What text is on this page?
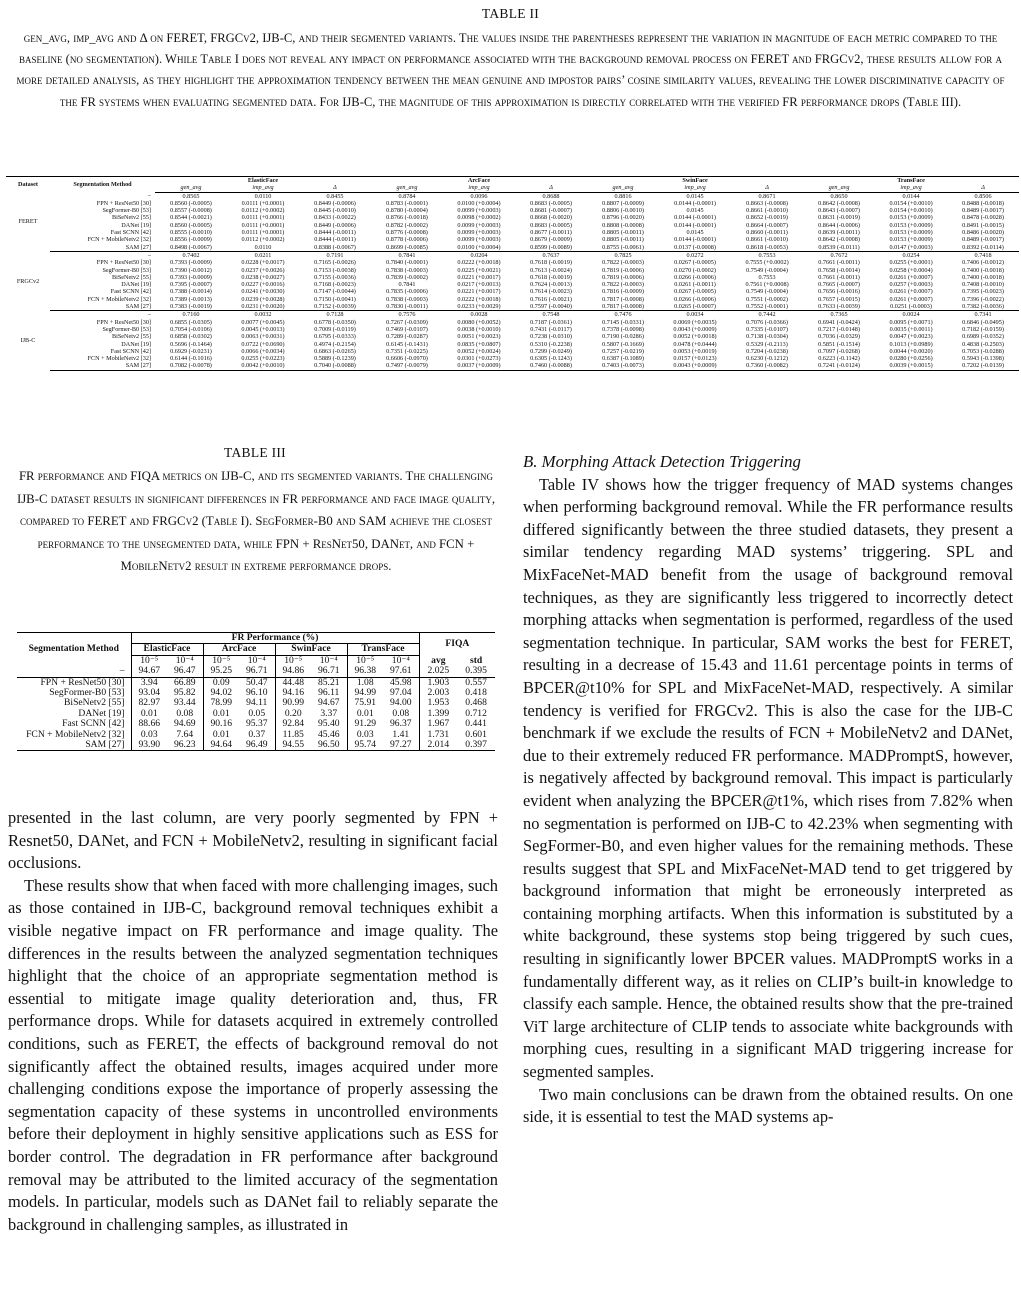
TABLE II
gen_avg, imp_avg and Δ on FERET, FRGCv2, IJB-C, and their segmented variants. The values inside the parentheses represent the variation in magnitude of each metric compared to the baseline (no segmentation). While Table I does not reveal any impact on performance associated with the background removal process on FERET and FRGCv2, these results allow for a more detailed analysis, as they highlight the approximation tendency between the mean genuine and impostor pairs’ cosine similarity values, revealing the lower discriminative capacity of the FR systems when evaluating segmented data. For IJB-C, the magnitude of this approximation is directly correlated with the verified FR performance drops (Table III).
Dataset	Segmentation Method	ElasticFace			ArcFace			SwinFace			TransFace		
		gen_avg	imp_avg	Δ	gen_avg	imp_avg	Δ	gen_avg	imp_avg	Δ	gen_avg	imp_avg	Δ
FERET	–	0.8565	0.0110	0.8455	0.8784	0.0096	0.8688	0.8816	0.0145	0.8671	0.8650	0.0144	0.8506
	FPN + ResNet50 [30]	0.8560 (-0.0005)	0.0111 (+0.0001)	0.8449 (-0.0006)	0.8783 (-0.0001)	0.0100 (+0.0004)	0.8683 (-0.0005)	0.8807 (-0.0009)	0.0144 (-0.0001)	0.8663 (-0.0008)	0.8642 (-0.0008)	0.0154 (+0.0010)	0.8488 (-0.0018)
	SegFormer-B0 [53]	0.8557 (-0.0008)	0.0112 (+0.0002)	0.8445 (-0.0010)	0.8780 (-0.0004)	0.0099 (+0.0003)	0.8681 (-0.0007)	0.8806 (-0.0010)	0.0145	0.8661 (-0.0010)	0.8643 (-0.0007)	0.0154 (+0.0010)	0.8489 (-0.0017)
	BiSeNetv2 [55]	0.8544 (-0.0021)	0.0111 (+0.0001)	0.8433 (-0.0022)	0.8766 (-0.0018)	0.0098 (+0.0002)	0.8668 (-0.0020)	0.8796 (-0.0020)	0.0144 (-0.0001)	0.8652 (-0.0019)	0.8631 (-0.0019)	0.0153 (+0.0009)	0.8478 (-0.0028)
	DANet [19]	0.8560 (-0.0005)	0.0111 (+0.0001)	0.8449 (-0.0006)	0.8782 (-0.0002)	0.0099 (+0.0003)	0.8683 (-0.0005)	0.8808 (-0.0008)	0.0144 (-0.0001)	0.8664 (-0.0007)	0.8644 (-0.0006)	0.0153 (+0.0009)	0.8491 (-0.0015)
	Fast SCNN [42]	0.8555 (-0.0010)	0.0111 (+0.0001)	0.8444 (-0.0011)	0.8776 (-0.0008)	0.0099 (+0.0003)	0.8677 (-0.0011)	0.8805 (-0.0011)	0.0145	0.8660 (-0.0011)	0.8639 (-0.0011)	0.0153 (+0.0009)	0.8486 (-0.0020)
	FCN + MobileNetv2 [32]	0.8556 (-0.0009)	0.0112 (+0.0002)	0.8444 (-0.0011)	0.8778 (-0.0006)	0.0099 (+0.0003)	0.8679 (-0.0009)	0.8805 (-0.0011)	0.0144 (-0.0001)	0.8661 (-0.0010)	0.8642 (-0.0008)	0.0153 (+0.0009)	0.8489 (-0.0017)
	SAM [27]	0.8498 (-0.0067)	0.0110	0.8388 (-0.0067)	0.8699 (-0.0085)	0.0100 (+0.0004)	0.8599 (-0.0089)	0.8755 (-0.0061)	0.0137 (-0.0008)	0.8618 (-0.0053)	0.8539 (-0.0111)	0.0147 (+0.0003)	0.8392 (-0.0114)
FRGCv2	–	0.7402	0.0211	0.7191	0.7841	0.0204	0.7637	0.7825	0.0272	0.7553	0.7672	0.0254	0.7418
	FPN + ResNet50 [30]	0.7393 (-0.0009)	0.0228 (+0.0017)	0.7165 (-0.0026)	0.7840 (-0.0001)	0.0222 (+0.0018)	0.7618 (-0.0019)	0.7822 (-0.0003)	0.0267 (-0.0005)	0.7555 (+0.0002)	0.7661 (-0.0011)	0.0255 (+0.0001)	0.7406 (-0.0012)
	SegFormer-B0 [53]	0.7390 (-0.0012)	0.0237 (+0.0026)	0.7153 (-0.0038)	0.7838 (-0.0003)	0.0225 (+0.0021)	0.7613 (-0.0024)	0.7819 (-0.0006)	0.0270 (-0.0002)	0.7549 (-0.0004)	0.7658 (-0.0014)	0.0258 (+0.0004)	0.7400 (-0.0018)
	BiSeNetv2 [55]	0.7393 (-0.0009)	0.0238 (+0.0027)	0.7155 (-0.0036)	0.7839 (-0.0002)	0.0221 (+0.0017)	0.7618 (-0.0019)	0.7819 (-0.0006)	0.0266 (-0.0006)	0.7553	0.7661 (-0.0011)	0.0261 (+0.0007)	0.7400 (-0.0018)
	DANet [19]	0.7395 (-0.0007)	0.0227 (+0.0016)	0.7168 (-0.0023)	0.7841	0.0217 (+0.0013)	0.7624 (-0.0013)	0.7822 (-0.0003)	0.0261 (-0.0011)	0.7561 (+0.0008)	0.7665 (-0.0007)	0.0257 (+0.0003)	0.7408 (-0.0010)
	Fast SCNN [42]	0.7388 (-0.0014)	0.0241 (+0.0030)	0.7147 (-0.0044)	0.7835 (-0.0006)	0.0221 (+0.0017)	0.7614 (-0.0023)	0.7816 (-0.0009)	0.0267 (-0.0005)	0.7549 (-0.0004)	0.7656 (-0.0016)	0.0261 (+0.0007)	0.7395 (-0.0023)
	FCN + MobileNetv2 [32]	0.7389 (-0.0013)	0.0239 (+0.0028)	0.7150 (-0.0041)	0.7838 (-0.0003)	0.0222 (+0.0018)	0.7616 (-0.0021)	0.7817 (-0.0008)	0.0266 (-0.0006)	0.7551 (-0.0002)	0.7657 (-0.0015)	0.0261 (+0.0007)	0.7396 (-0.0022)
	SAM [27]	0.7383 (-0.0019)	0.0231 (+0.0020)	0.7152 (-0.0039)	0.7830 (-0.0011)	0.0233 (+0.0029)	0.7597 (-0.0040)	0.7817 (-0.0008)	0.0265 (-0.0007)	0.7552 (-0.0001)	0.7633 (-0.0039)	0.0251 (-0.0003)	0.7382 (-0.0036)
IJB-C	–	0.7160	0.0032	0.7128	0.7576	0.0028	0.7548	0.7476	0.0034	0.7442	0.7365	0.0024	0.7341
	FPN + ResNet50 [30]	0.6855 (-0.0305)	0.0077 (+0.0045)	0.6778 (-0.0350)	0.7267 (-0.0309)	0.0080 (+0.0052)	0.7187 (-0.0361)	0.7145 (-0.0331)	0.0069 (+0.0035)	0.7076 (-0.0366)	0.6941 (-0.0424)	0.0095 (+0.0071)	0.6846 (-0.0495)
	SegFormer-B0 [53]	0.7054 (-0.0106)	0.0045 (+0.0013)	0.7009 (-0.0119)	0.7469 (-0.0107)	0.0038 (+0.0010)	0.7431 (-0.0117)	0.7378 (-0.0098)	0.0043 (+0.0009)	0.7335 (-0.0107)	0.7217 (-0.0148)	0.0035 (+0.0011)	0.7182 (-0.0159)
	BiSeNetv2 [55]	0.6858 (-0.0302)	0.0063 (+0.0031)	0.6795 (-0.0333)	0.7289 (-0.0287)	0.0051 (+0.0023)	0.7238 (-0.0310)	0.7190 (-0.0286)	0.0052 (+0.0018)	0.7138 (-0.0304)	0.7036 (-0.0329)	0.0047 (+0.0023)	0.6989 (-0.0352)
	DANet [19]	0.5696 (-0.1464)	0.0722 (+0.0690)	0.4974 (-0.2154)	0.6145 (-0.1431)	0.0835 (+0.0807)	0.5310 (-0.2238)	0.5807 (-0.1669)	0.0478 (+0.0444)	0.5329 (-0.2113)	0.5851 (-0.1514)	0.1013 (+0.0989)	0.4838 (-0.2503)
	Fast SCNN [42]	0.6929 (-0.0231)	0.0066 (+0.0034)	0.6863 (-0.0265)	0.7351 (-0.0225)	0.0052 (+0.0024)	0.7299 (-0.0249)	0.7257 (-0.0219)	0.0053 (+0.0019)	0.7204 (-0.0238)	0.7097 (-0.0268)	0.0044 (+0.0020)	0.7053 (-0.0288)
	FCN + MobileNetv2 [32]	0.6144 (-0.1016)	0.0255 (+0.0223)	0.5889 (-0.1239)	0.6606 (-0.0970)	0.0301 (+0.0273)	0.6305 (-0.1243)	0.6387 (-0.1089)	0.0157 (+0.0123)	0.6230 (-0.1212)	0.6223 (-0.1142)	0.0280 (+0.0256)	0.5943 (-0.1398)
	SAM [27]	0.7082 (-0.0078)	0.0042 (+0.0010)	0.7040 (-0.0088)	0.7497 (-0.0079)	0.0037 (+0.0009)	0.7460 (-0.0088)	0.7403 (-0.0073)	0.0043 (+0.0009)	0.7360 (-0.0082)	0.7241 (-0.0124)	0.0039 (+0.0015)	0.7202 (-0.0139)
TABLE III
FR performance and FIQA metrics on IJB-C, and its segmented variants. The challenging IJB-C dataset results in significant differences in FR performance and face image quality, compared to FERET and FRGCv2 (Table I). SegFormer-B0 and SAM achieve the closest performance to the unsegmented data, while FPN + ResNet50, DANet, and FCN + MobileNetv2 result in extreme performance drops.
Segmentation Method	FR Performance (%)								FIQA	
	ElasticFace		ArcFace		SwinFace		TransFace			
	10⁻⁵	10⁻⁴	10⁻⁵	10⁻⁴	10⁻⁵	10⁻⁴	10⁻⁵	10⁻⁴	avg	std
–	94.67	96.47	95.25	96.71	94.86	96.71	96.38	97.61	2.025	0.395
FPN + ResNet50 [30]	3.94	66.89	0.09	50.47	44.48	85.21	1.08	45.98	1.903	0.557
SegFormer-B0 [53]	93.04	95.82	94.02	96.10	94.16	96.11	94.99	97.04	2.003	0.418
BiSeNetv2 [55]	82.97	93.44	78.99	94.11	90.99	94.67	75.91	94.00	1.953	0.468
DANet [19]	0.01	0.08	0.01	0.05	0.20	3.37	0.01	0.08	1.399	0.712
Fast SCNN [42]	88.66	94.69	90.16	95.37	92.84	95.40	91.29	96.37	1.967	0.441
FCN + MobileNetv2 [32]	0.03	7.64	0.01	0.37	11.85	45.46	0.03	1.41	1.731	0.601
SAM [27]	93.90	96.23	94.64	96.49	94.55	96.50	95.74	97.27	2.014	0.397

presented in the last column, are very poorly segmented by FPN + Resnet50, DANet, and FCN + MobileNetv2, resulting in significant facial occlusions.

These results show that when faced with more challenging images, such as those contained in IJB-C, background removal techniques exhibit a visible negative impact on FR performance and image quality. The differences in the results between the analyzed segmentation techniques highlight that the choice of an appropriate segmentation method is essential to mitigate image quality deterioration and, thus, FR performance drops. While for datasets acquired in extremely controlled conditions, such as FERET, the effects of background removal do not significantly affect the obtained results, images acquired under more challenging conditions expose the importance of properly assessing the segmentation capacity of these systems in uncontrolled environments before their deployment in highly sensitive applications such as ESS for border control. The degradation in FR performance after background removal may be attributed to the limited accuracy of the segmentation models. In particular, models such as DANet fail to reliably separate the background in challenging samples, as illustrated in

B. Morphing Attack Detection Triggering

Table IV shows how the trigger frequency of MAD systems changes when performing background removal. While the FR performance results differed significantly between the three studied datasets, they present a similar tendency regarding MAD systems’ triggering. SPL and MixFaceNet-MAD benefit from the usage of background removal techniques, as they are significantly less triggered to incorrectly detect morphing attacks when segmentation is performed, regardless of the used segmentation technique. In particular, SAM works the best for FERET, resulting in a decrease of 15.43 and 11.61 percentage points in terms of BPCER@t10% for SPL and MixFaceNet-MAD, respectively. A similar tendency is verified for FRGCv2. This is also the case for the IJB-C benchmark if we exclude the results of FCN + MobileNetv2 and DANet, due to their extremely reduced FR performance. MADPromptS, however, is negatively affected by background removal. This impact is particularly evident when analyzing the BPCER@t1%, which rises from 7.82% when no segmentation is performed on IJB-C to 42.23% when segmenting with SegFormer-B0, and even higher values for the remaining methods. These results suggest that SPL and MixFaceNet-MAD tend to get triggered by background information that might be erroneously interpreted as containing morphing artifacts. When this information is substituted by a white background, these systems stop being triggered by such cues, resulting in significantly lower BPCER values. MADPromptS works in a fundamentally different way, as it relies on CLIP’s built-in knowledge to classify each sample. Hence, the obtained results show that the pre-trained ViT large architecture of CLIP tends to associate white backgrounds with morphing cues, resulting in a significant MAD triggering increase for segmented samples.

Two main conclusions can be drawn from the obtained results. On one side, it is essential to test the MAD systems ap-
